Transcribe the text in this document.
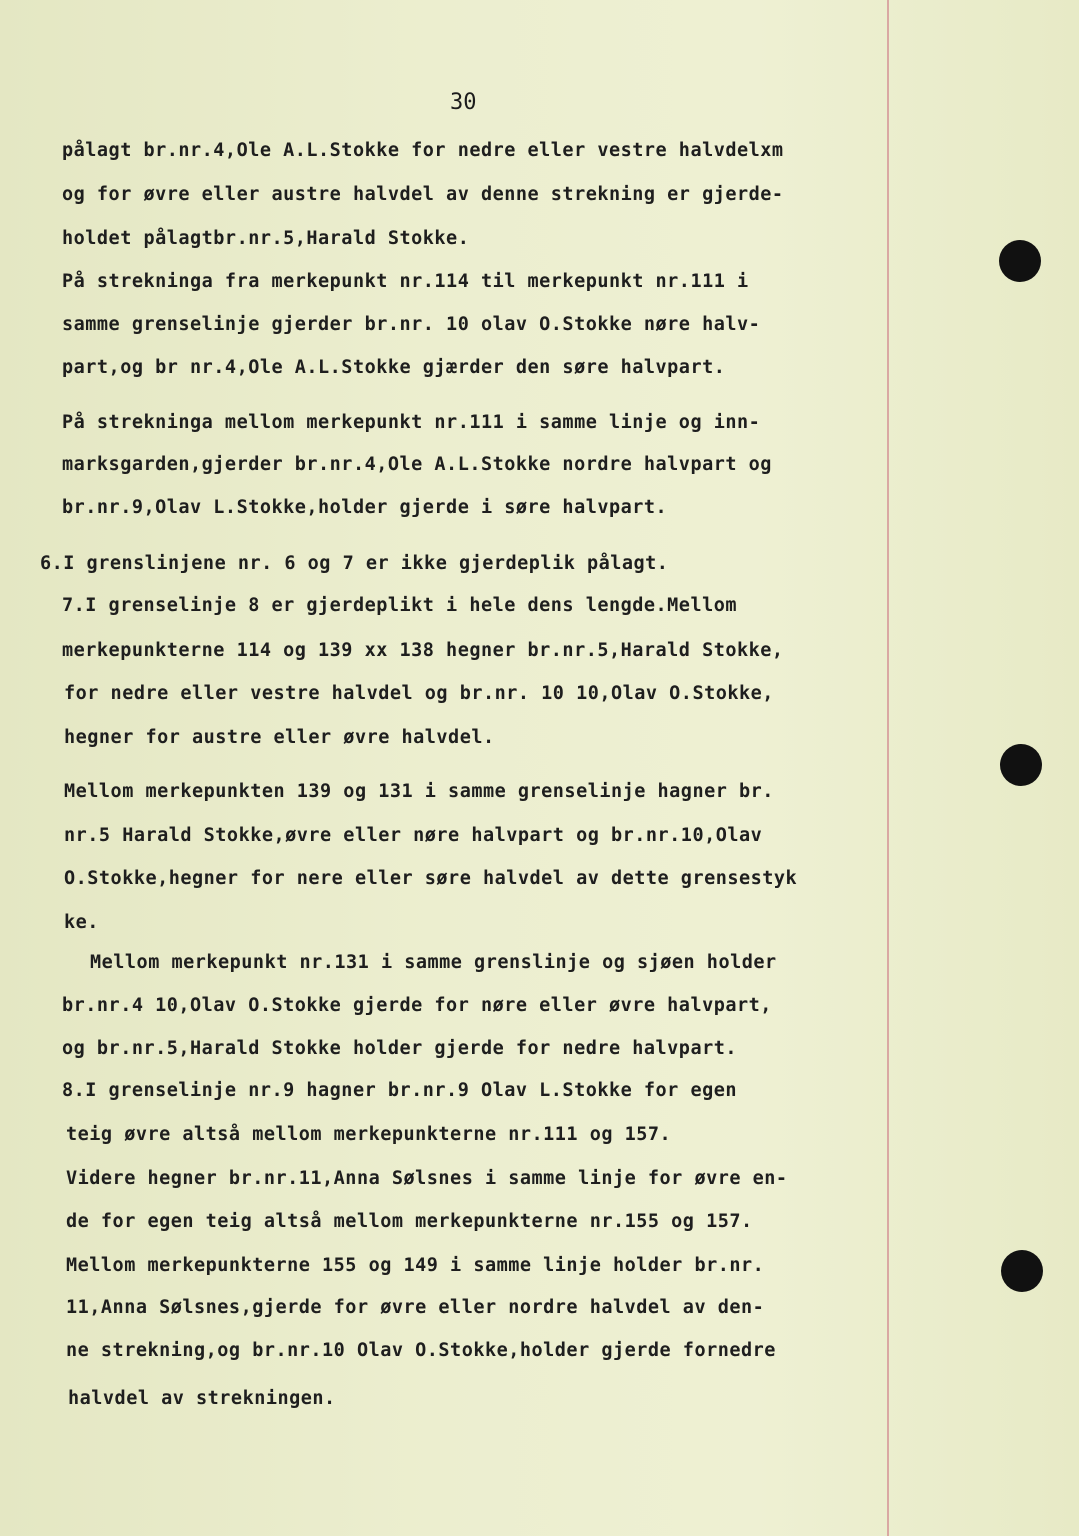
30
pålagt br.nr.4,Ole A.L.Stokke for nedre eller vestre halvdelxm
og for øvre eller austre halvdel av denne strekning er gjerde-
holdet pålagtbr.nr.5,Harald Stokke.
På strekninga fra merkepunkt nr.114 til merkepunkt nr.111 i
samme grenselinje gjerder br.nr. 10 olav O.Stokke nøre halv-
part,og br nr.4,Ole A.L.Stokke gjærder den søre halvpart.
På strekninga mellom merkepunkt nr.111 i samme linje og inn-
marksgarden,gjerder br.nr.4,Ole A.L.Stokke nordre halvpart og
br.nr.9,Olav L.Stokke,holder gjerde i søre halvpart.
6.I grenslinjene nr. 6 og 7 er ikke gjerdeplik pålagt.
7.I grenselinje 8 er gjerdeplikt i hele dens lengde.Mellom
merkepunkterne 114 og 139 xx 138 hegner br.nr.5,Harald Stokke,
for nedre eller vestre halvdel og br.nr. 10 10,Olav O.Stokke,
hegner for austre eller øvre halvdel.
Mellom merkepunkten 139 og 131 i samme grenselinje hagner br.
nr.5 Harald Stokke,øvre eller nøre halvpart og br.nr.10,Olav
O.Stokke,hegner for nere eller søre halvdel av dette grensestyk
ke.
Mellom merkepunkt nr.131 i samme grenslinje og sjøen holder
br.nr.4 10,Olav O.Stokke gjerde for nøre eller øvre halvpart,
og br.nr.5,Harald Stokke holder gjerde for nedre halvpart.
8.I grenselinje nr.9 hagner br.nr.9 Olav L.Stokke for egen
teig øvre altså mellom merkepunkterne nr.111 og 157.
Videre hegner br.nr.11,Anna Sølsnes i samme linje for øvre en-
de for egen teig altså mellom merkepunkterne nr.155 og 157.
Mellom merkepunkterne 155 og 149 i samme linje holder br.nr.
11,Anna Sølsnes,gjerde for øvre eller nordre halvdel av den-
ne strekning,og br.nr.10 Olav O.Stokke,holder gjerde fornedre
halvdel av strekningen.
